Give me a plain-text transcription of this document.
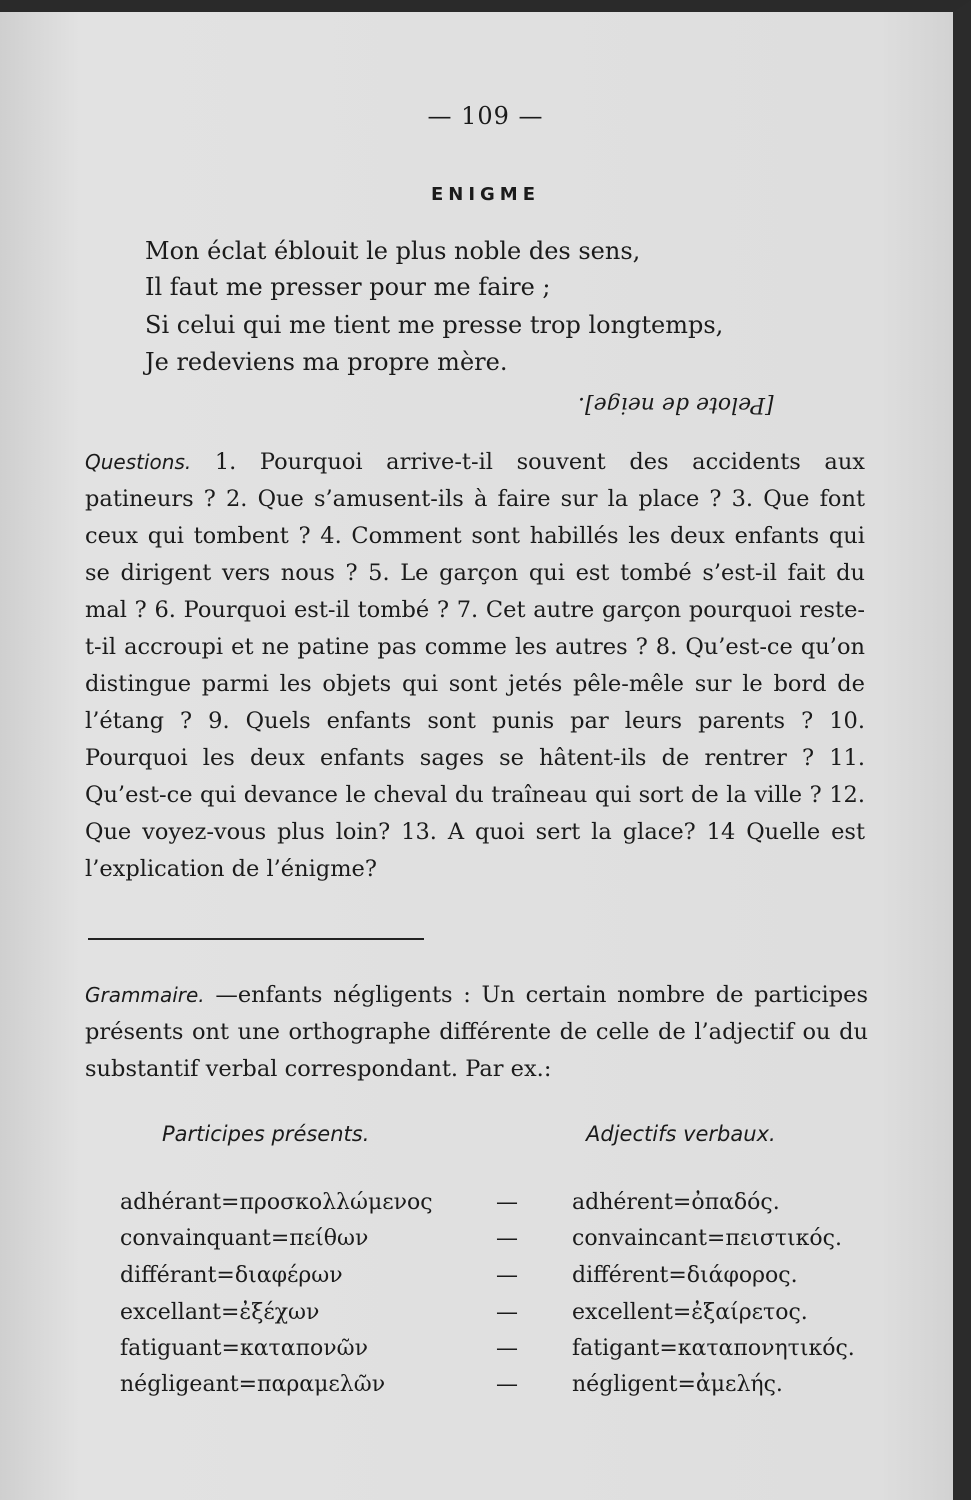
— 109 —
ENIGME
Mon éclat éblouit le plus noble des sens,
Il faut me presser pour me faire ;
Si celui qui me tient me presse trop longtemps,
Je redeviens ma propre mère.
[Pelote de neige].
Questions. 1. Pourquoi arrive-t-il souvent des accidents aux patineurs ? 2. Que s’amusent-ils à faire sur la place ? 3. Que font ceux qui tombent ? 4. Comment sont habillés les deux enfants qui se dirigent vers nous ? 5. Le garçon qui est tombé s’est-il fait du mal ? 6. Pourquoi est-il tombé ? 7. Cet autre garçon pourquoi reste-t-il accroupi et ne patine pas comme les autres ? 8. Qu’est-ce qu’on distingue parmi les objets qui sont jetés pêle-mêle sur le bord de l’étang ? 9. Quels enfants sont punis par leurs parents ? 10. Pourquoi les deux enfants sages se hâtent-ils de rentrer ? 11. Qu’est-ce qui devance le cheval du traîneau qui sort de la ville ? 12. Que voyez-vous plus loin? 13. A quoi sert la glace? 14 Quelle est l’explication de l’énigme?
Grammaire. —enfants négligents : Un certain nombre de participes présents ont une orthographe différente de celle de l’adjectif ou du substantif verbal correspondant. Par ex.:
Participes présents.	Adjectifs verbaux.
adhérant=προσκολλώμενος	— adhérent=ὀπαδός.
convainquant=πείθων	— convaincant=πειστικός.
différant=διαφέρων	— différent=διάφορος.
excellant=ἐξέχων	— excellent=ἐξαίρετος.
fatiguant=καταπονῶν	— fatigant=καταπονητικός.
négligeant=παραμελῶν	— négligent=ἀμελής.
